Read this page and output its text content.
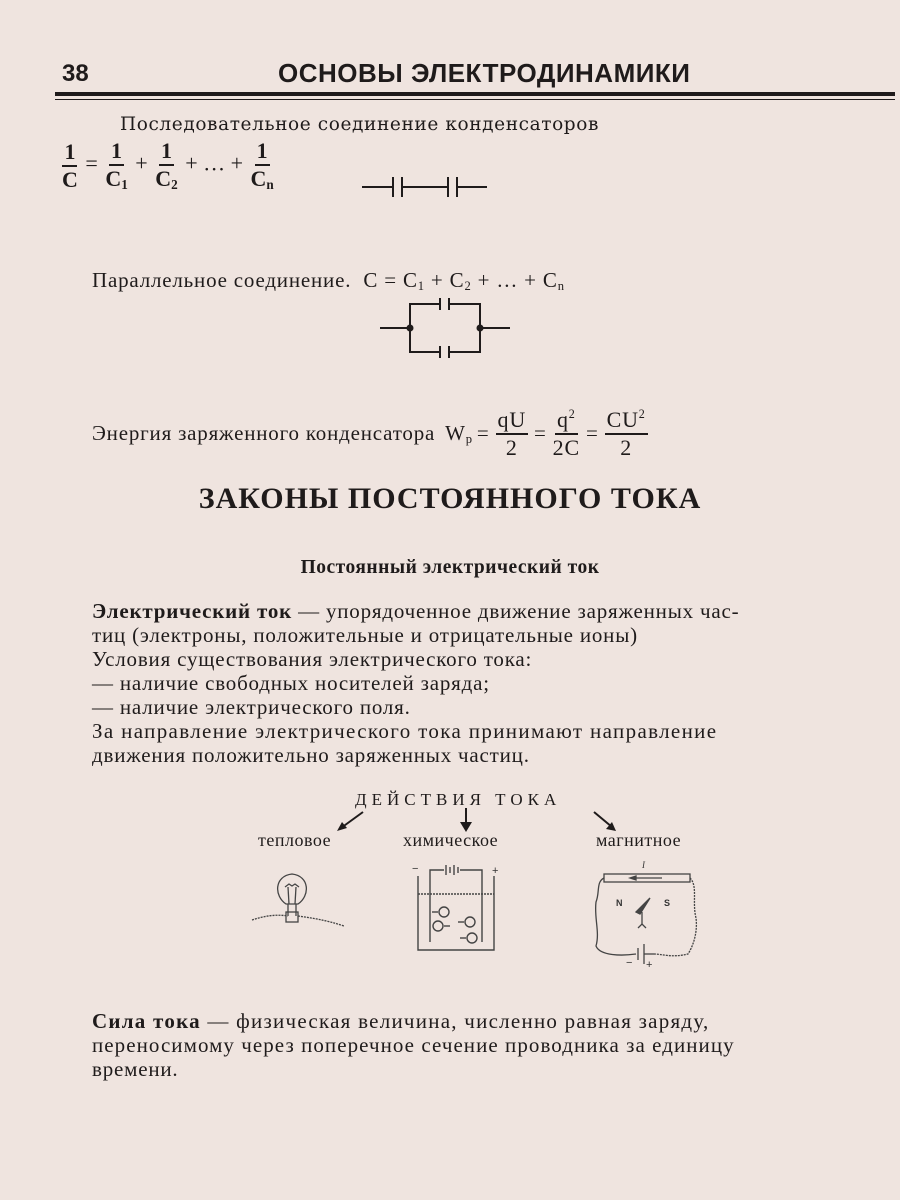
38	ОСНОВЫ ЭЛЕКТРОДИНАМИКИ
Последовательное соединение конденсаторов
$\frac{1}{C} = \frac{1}{C_1} + \frac{1}{C_2}$ + … + $\frac{1}{C_n}$
Параллельное соединение. $C = C_1 + C_2$ + … + $C_n$
Энергия заряженного конденсатора $W_p = \frac{qU}{2} = \frac{q^2}{2C} = \frac{CU^2}{2}$
ЗАКОНЫ ПОСТОЯННОГО ТОКА
Постоянный электрический ток
Электрический ток — упорядоченное движение заряженных час-
тиц (электроны, положительные и отрицательные ионы)
Условия существования электрического тока:
— наличие свободных носителей заряда;
— наличие электрического поля.
За направление электрического тока принимают направление
движения положительно заряженных частиц.
ДЕЙСТВИЯ ТОКА
тепловое	химическое	магнитное
−	+	I
N	S
− +
Сила тока — физическая величина, численно равная заряду,
переносимому через поперечное сечение проводника за единицу
времени.
